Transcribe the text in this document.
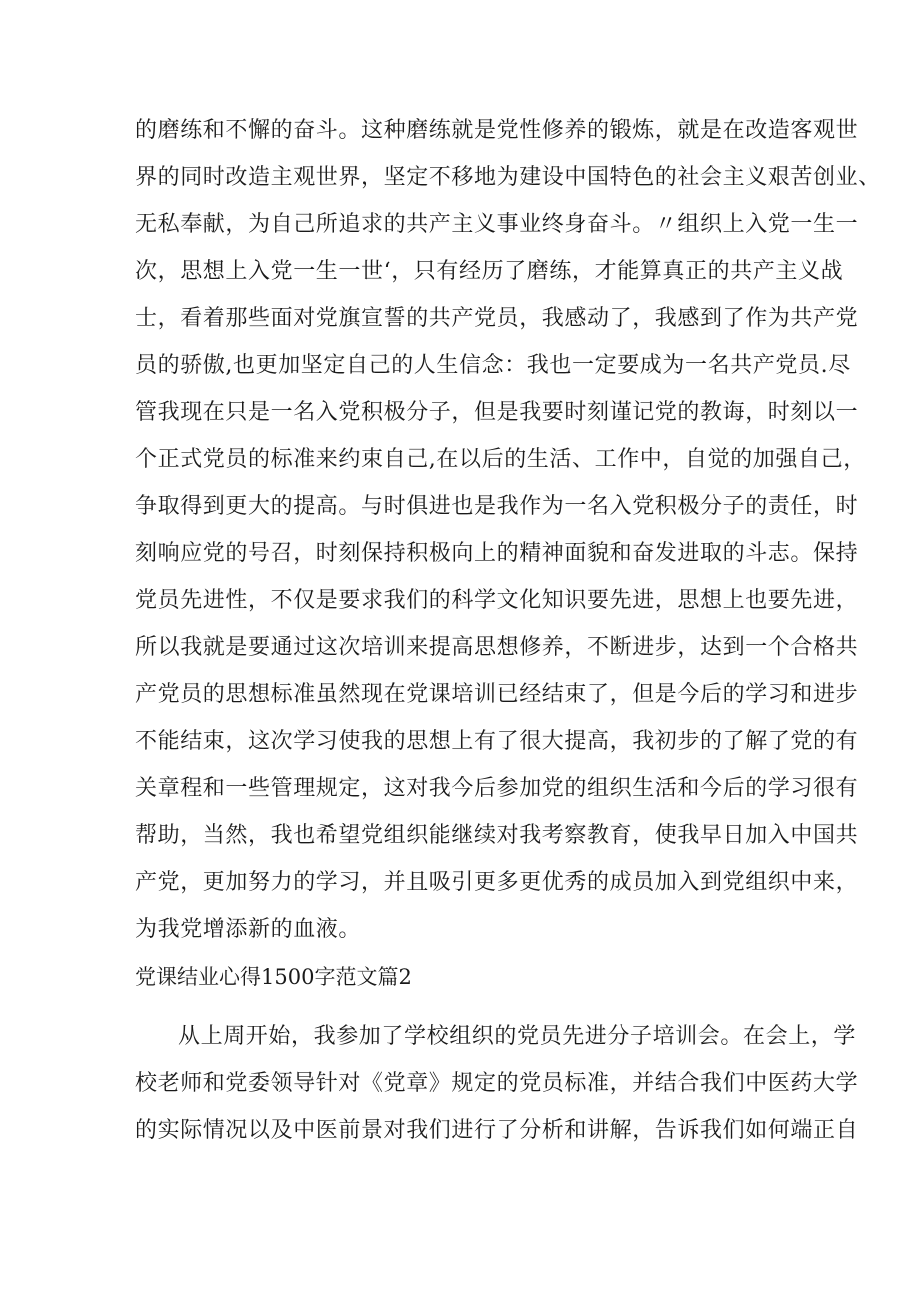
的磨练和不懈的奋斗。这种磨练就是党性修养的锻炼，就是在改造客观世
界的同时改造主观世界，坚定不移地为建设中国特色的社会主义艰苦创业、
无私奉献，为自己所追求的共产主义事业终身奋斗。〃组织上入党一生一
次，思想上入党一生一世‘，只有经历了磨练，才能算真正的共产主义战
士，看着那些面对党旗宣誓的共产党员，我感动了，我感到了作为共产党
员的骄傲,也更加坚定自己的人生信念：我也一定要成为一名共产党员.尽
管我现在只是一名入党积极分子，但是我要时刻谨记党的教诲，时刻以一
个正式党员的标准来约束自己,在以后的生活、工作中，自觉的加强自己，
争取得到更大的提高。与时俱进也是我作为一名入党积极分子的责任，时
刻响应党的号召，时刻保持积极向上的精神面貌和奋发进取的斗志。保持
党员先进性，不仅是要求我们的科学文化知识要先进，思想上也要先进，
所以我就是要通过这次培训来提高思想修养，不断进步，达到一个合格共
产党员的思想标准虽然现在党课培训已经结束了，但是今后的学习和进步
不能结束，这次学习使我的思想上有了很大提高，我初步的了解了党的有
关章程和一些管理规定，这对我今后参加党的组织生活和今后的学习很有
帮助，当然，我也希望党组织能继续对我考察教育，使我早日加入中国共
产党，更加努力的学习，并且吸引更多更优秀的成员加入到党组织中来，
为我党增添新的血液。
党课结业心得1500字范文篇2
从上周开始，我参加了学校组织的党员先进分子培训会。在会上，学
校老师和党委领导针对《党章》规定的党员标准，并结合我们中医药大学
的实际情况以及中医前景对我们进行了分析和讲解，告诉我们如何端正自
